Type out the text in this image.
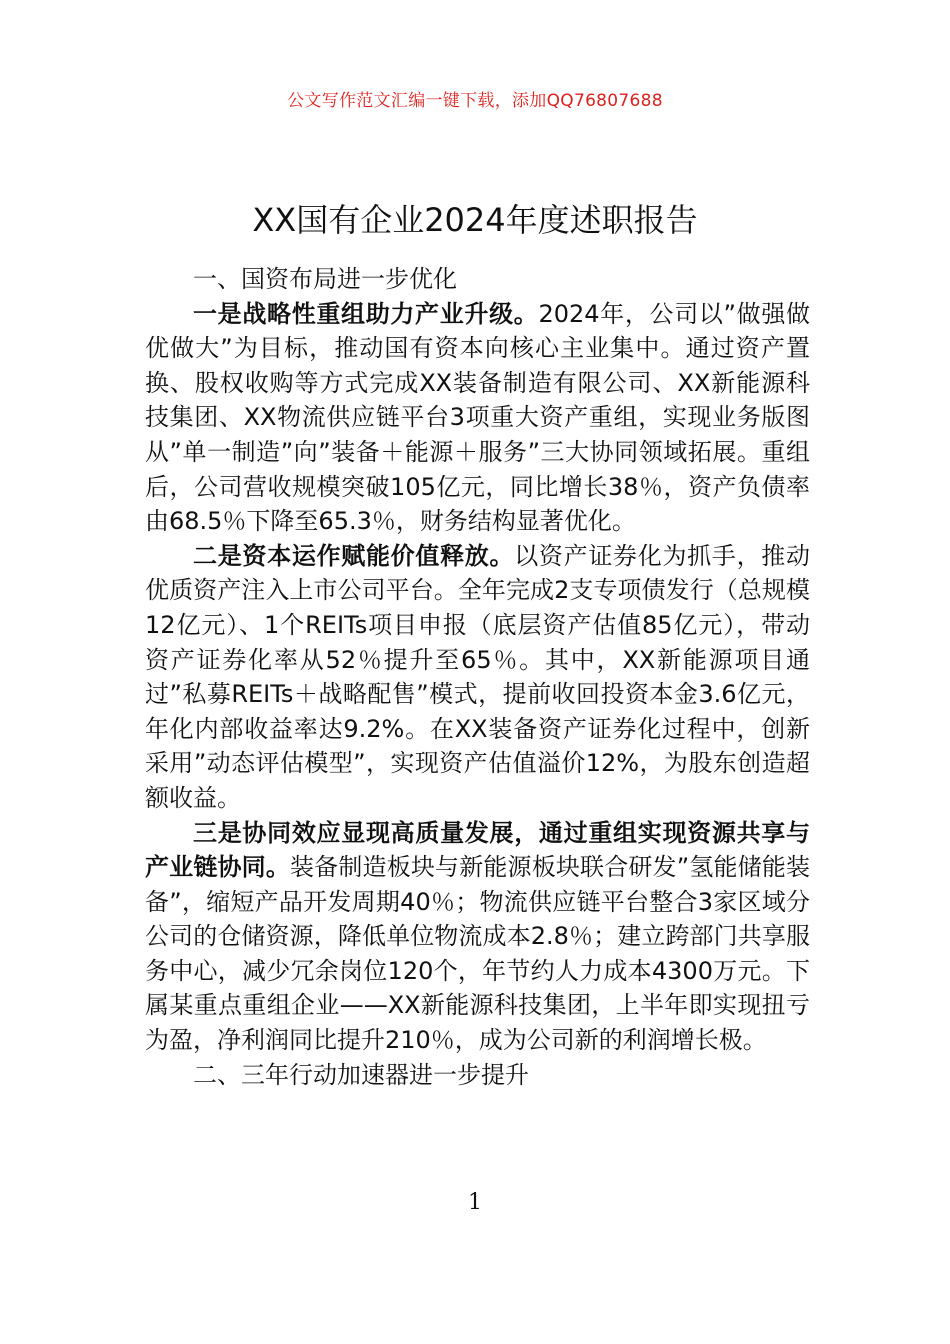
公文写作范文汇编一键下载，添加QQ76807688
XX国有企业2024年度述职报告

一、国资布局进一步优化

一是战略性重组助力产业升级。2024年，公司以”做强做优做大”为目标，推动国有资本向核心主业集中。通过资产置换、股权收购等方式完成XX装备制造有限公司、XX新能源科技集团、XX物流供应链平台3项重大资产重组，实现业务版图从”单一制造”向”装备＋能源＋服务”三大协同领域拓展。重组后，公司营收规模突破105亿元，同比增长38％，资产负债率由68.5％下降至65.3％，财务结构显著优化。

二是资本运作赋能价值释放。以资产证券化为抓手，推动优质资产注入上市公司平台。全年完成2支专项债发行（总规模12亿元）、1个REITs项目申报（底层资产估值85亿元），带动资产证券化率从52％提升至65％。其中，XX新能源项目通过”私募REITs＋战略配售”模式，提前收回投资本金3.6亿元，年化内部收益率达9.2%。在XX装备资产证券化过程中，创新采用”动态评估模型”，实现资产估值溢价12%，为股东创造超额收益。

三是协同效应显现高质量发展，通过重组实现资源共享与产业链协同。装备制造板块与新能源板块联合研发”氢能储能装备”，缩短产品开发周期40％；物流供应链平台整合3家区域分公司的仓储资源，降低单位物流成本2.8％；建立跨部门共享服务中心，减少冗余岗位120个，年节约人力成本4300万元。下属某重点重组企业——XX新能源科技集团，上半年即实现扭亏为盈，净利润同比提升210％，成为公司新的利润增长极。

二、三年行动加速器进一步提升

1
